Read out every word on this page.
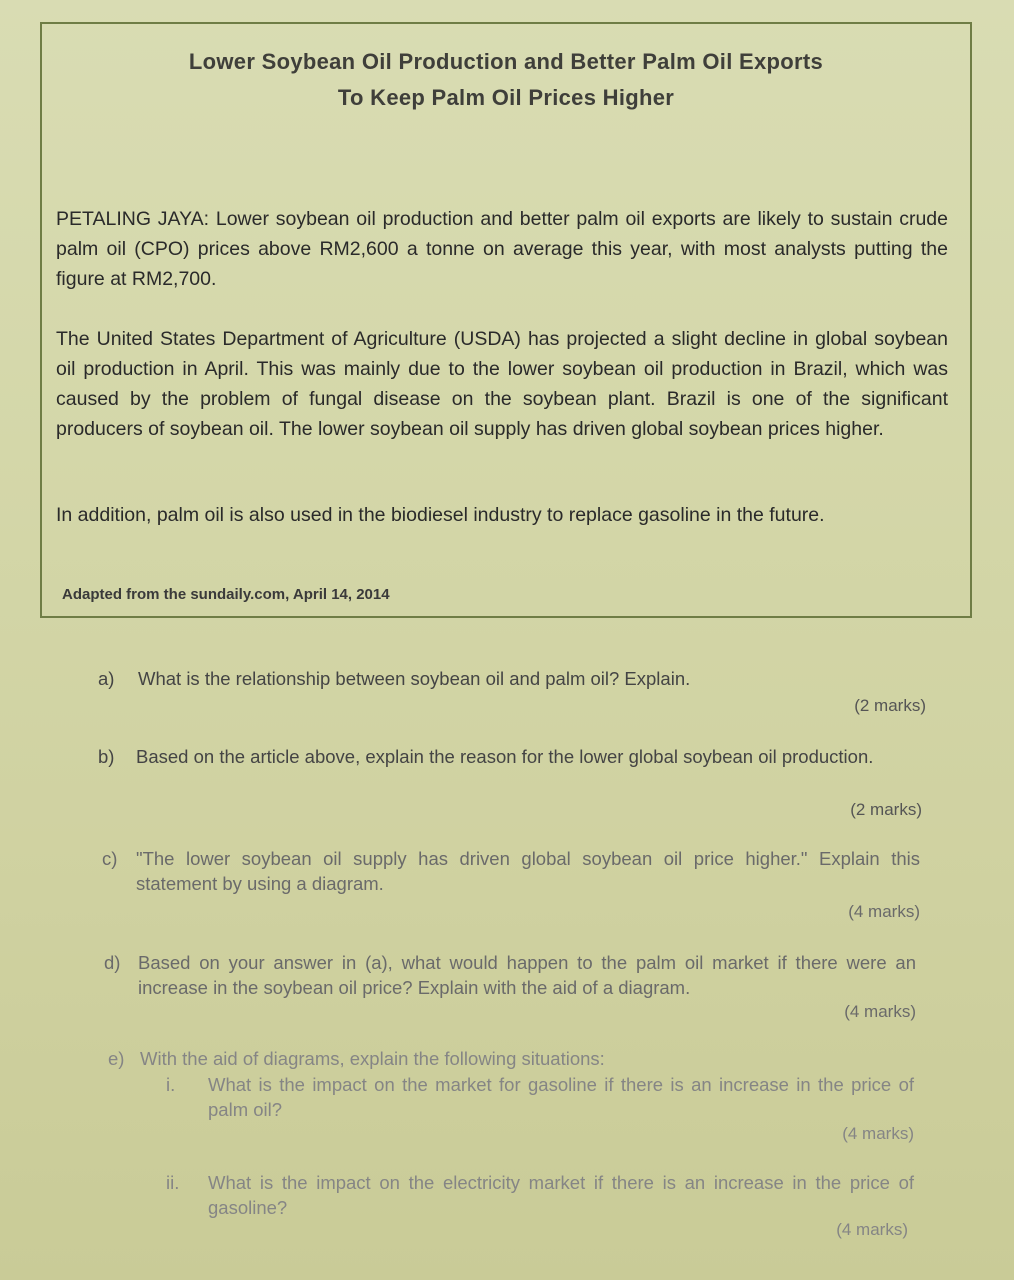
Lower Soybean Oil Production and Better Palm Oil Exports
To Keep Palm Oil Prices Higher
PETALING JAYA: Lower soybean oil production and better palm oil exports are likely to sustain crude palm oil (CPO) prices above RM2,600 a tonne on average this year, with most analysts putting the figure at RM2,700.
The United States Department of Agriculture (USDA) has projected a slight decline in global soybean oil production in April. This was mainly due to the lower soybean oil production in Brazil, which was caused by the problem of fungal disease on the soybean plant. Brazil is one of the significant producers of soybean oil. The lower soybean oil supply has driven global soybean prices higher.
In addition, palm oil is also used in the biodiesel industry to replace gasoline in the future.
Adapted from the sundaily.com, April 14, 2014
a) What is the relationship between soybean oil and palm oil? Explain.
(2 marks)
b) Based on the article above, explain the reason for the lower global soybean oil production.
(2 marks)
c) "The lower soybean oil supply has driven global soybean oil price higher." Explain this statement by using a diagram.
(4 marks)
d) Based on your answer in (a), what would happen to the palm oil market if there were an increase in the soybean oil price? Explain with the aid of a diagram.
(4 marks)
e) With the aid of diagrams, explain the following situations:
i. What is the impact on the market for gasoline if there is an increase in the price of palm oil?
(4 marks)
ii. What is the impact on the electricity market if there is an increase in the price of gasoline?
(4 marks)
